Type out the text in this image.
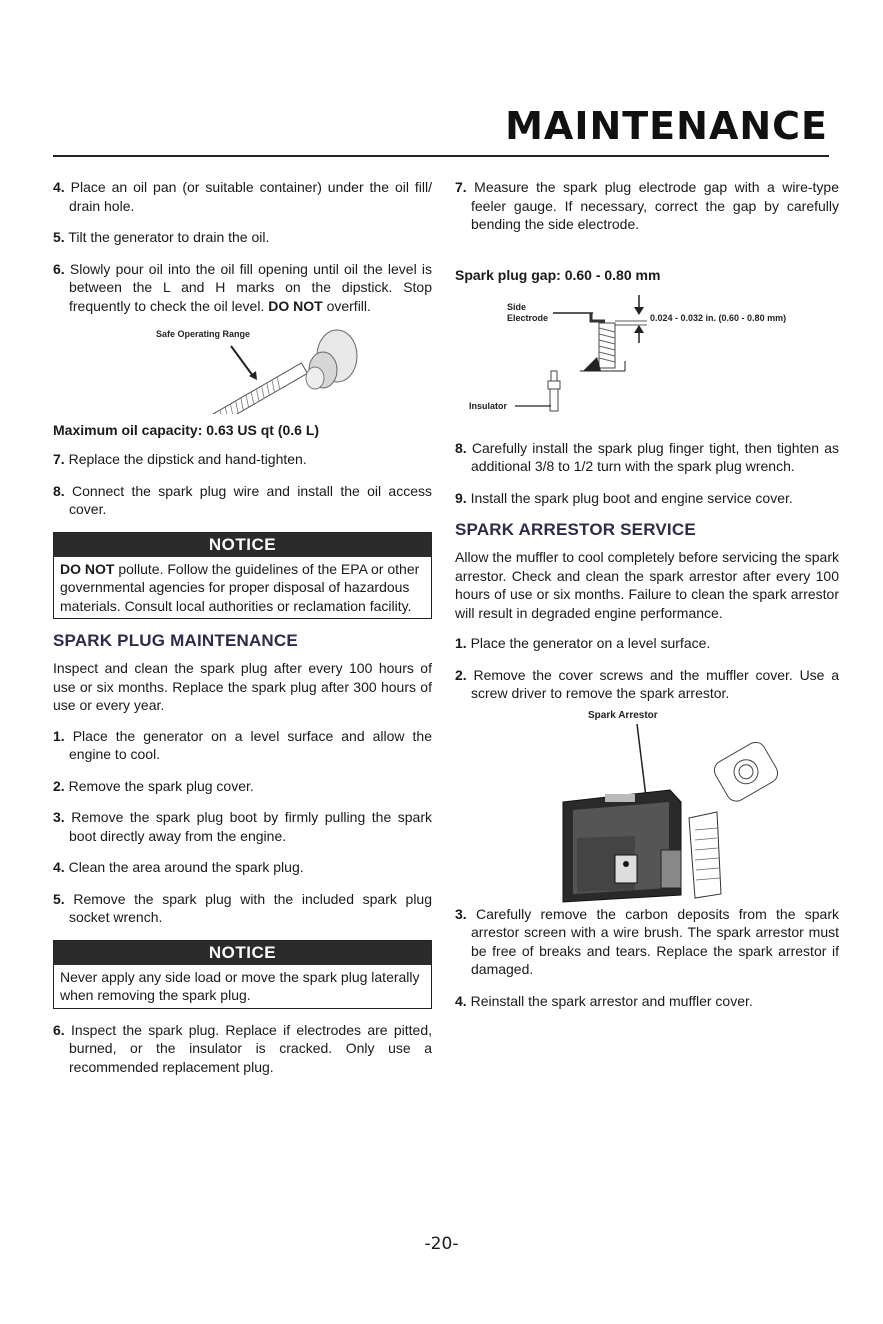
MAINTENANCE
4. Place an oil pan (or suitable container) under the oil fill/ drain hole.
5. Tilt the generator to drain the oil.
6. Slowly pour oil into the oil fill opening until oil the level is between the L and H marks on the dipstick. Stop frequently to check the oil level. DO NOT overfill.
Safe Operating Range
Maximum oil capacity: 0.63 US qt (0.6 L)
7. Replace the dipstick and hand-tighten.
8. Connect the spark plug wire and install the oil access cover.
NOTICE
DO NOT pollute. Follow the guidelines of the EPA or other governmental agencies for proper disposal of hazardous materials. Consult local authorities or reclamation facility.
SPARK PLUG MAINTENANCE

Inspect and clean the spark plug after every 100 hours of use or six months. Replace the spark plug after 300 hours of use or every year.

1. Place the generator on a level surface and allow the engine to cool.
2. Remove the spark plug cover.
3. Remove the spark plug boot by firmly pulling the spark boot directly away from the engine.
4. Clean the area around the spark plug.
5. Remove the spark plug with the included spark plug socket wrench.
NOTICE
Never apply any side load or move the spark plug laterally when removing the spark plug.
6. Inspect the spark plug. Replace if electrodes are pitted, burned, or the insulator is cracked. Only use a recommended replacement plug.
7. Measure the spark plug electrode gap with a wire-type feeler gauge. If necessary, correct the gap by carefully bending the side electrode.
Spark plug gap: 0.60 - 0.80 mm
Side
Electrode	0.024 - 0.032 in. (0.60 - 0.80 mm)
Insulator
8. Carefully install the spark plug finger tight, then tighten as additional 3/8 to 1/2 turn with the spark plug wrench.
9. Install the spark plug boot and engine service cover.
SPARK ARRESTOR SERVICE

Allow the muffler to cool completely before servicing the spark arrestor. Check and clean the spark arrestor after every 100 hours of use or six months. Failure to clean the spark arrestor will result in degraded engine performance.

1. Place the generator on a level surface.
2. Remove the cover screws and the muffler cover. Use a screw driver to remove the spark arrestor.
Spark Arrestor
3. Carefully remove the carbon deposits from the spark arrestor screen with a wire brush. The spark arrestor must be free of breaks and tears. Replace the spark arrestor if damaged.
4. Reinstall the spark arrestor and muffler cover.
-20-
